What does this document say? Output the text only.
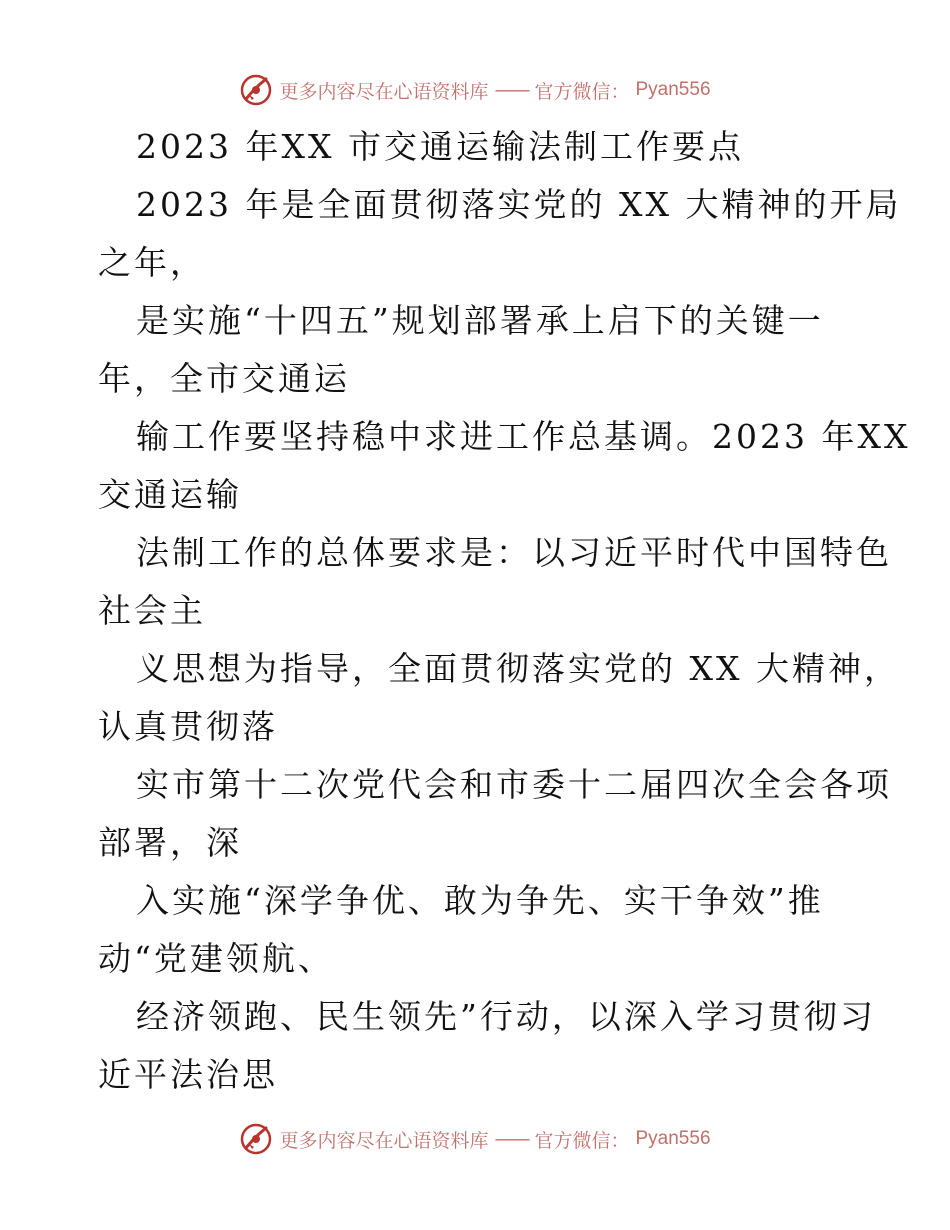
更多内容尽在心语资料库 —— 官方微信： Pyan556
2023 年XX 市交通运输法制工作要点
2023 年是全面贯彻落实党的 XX 大精神的开局
之年，
是实施“十四五”规划部署承上启下的关键一
年，全市交通运
输工作要坚持稳中求进工作总基调。2023 年XX
交通运输
法制工作的总体要求是：以习近平时代中国特色
社会主
义思想为指导，全面贯彻落实党的 XX 大精神，
认真贯彻落
实市第十二次党代会和市委十二届四次全会各项
部署，深
入实施“深学争优、敢为争先、实干争效”推
动“党建领航、
经济领跑、民生领先”行动，以深入学习贯彻习
近平法治思
更多内容尽在心语资料库 —— 官方微信： Pyan556
